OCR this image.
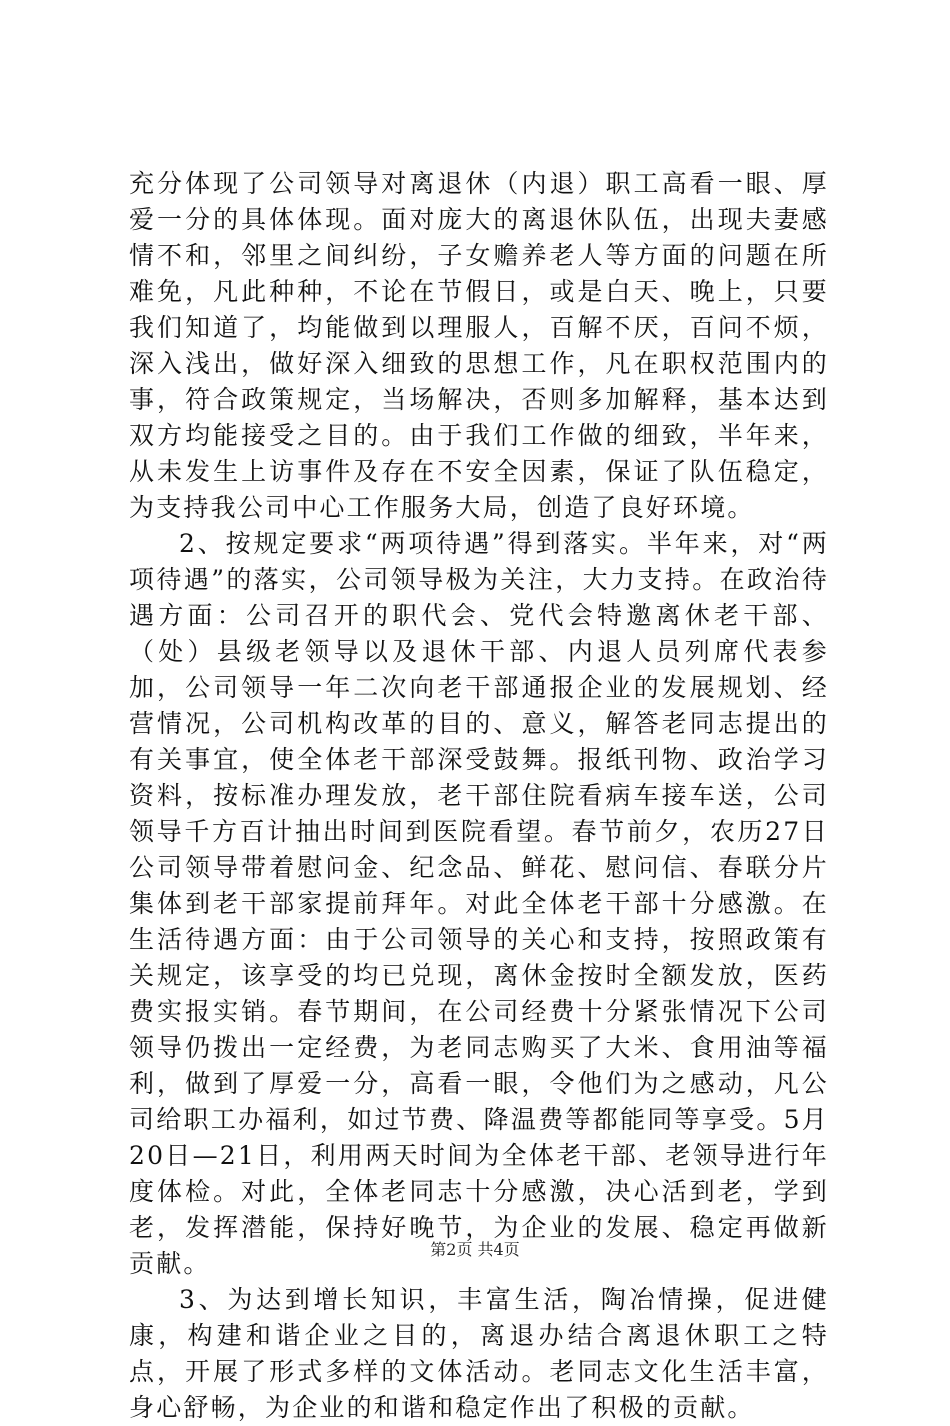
充分体现了公司领导对离退休（内退）职工高看一眼、厚爱一分的具体体现。面对庞大的离退休队伍，出现夫妻感情不和，邻里之间纠纷，子女赡养老人等方面的问题在所难免，凡此种种，不论在节假日，或是白天、晚上，只要我们知道了，均能做到以理服人，百解不厌，百问不烦，深入浅出，做好深入细致的思想工作，凡在职权范围内的事，符合政策规定，当场解决，否则多加解释，基本达到双方均能接受之目的。由于我们工作做的细致，半年来，从未发生上访事件及存在不安全因素，保证了队伍稳定，为支持我公司中心工作服务大局，创造了良好环境。

2、按规定要求“两项待遇”得到落实。半年来，对“两项待遇”的落实，公司领导极为关注，大力支持。在政治待遇方面：公司召开的职代会、党代会特邀离休老干部、（处）县级老领导以及退休干部、内退人员列席代表参加，公司领导一年二次向老干部通报企业的发展规划、经营情况，公司机构改革的目的、意义，解答老同志提出的有关事宜，使全体老干部深受鼓舞。报纸刊物、政治学习资料，按标准办理发放，老干部住院看病车接车送，公司领导千方百计抽出时间到医院看望。春节前夕，农历27日公司领导带着慰问金、纪念品、鲜花、慰问信、春联分片集体到老干部家提前拜年。对此全体老干部十分感激。在生活待遇方面：由于公司领导的关心和支持，按照政策有关规定，该享受的均已兑现，离休金按时全额发放，医药费实报实销。春节期间，在公司经费十分紧张情况下公司领导仍拨出一定经费，为老同志购买了大米、食用油等福利，做到了厚爱一分，高看一眼，令他们为之感动，凡公司给职工办福利，如过节费、降温费等都能同等享受。5月20日—21日，利用两天时间为全体老干部、老领导进行年度体检。对此，全体老同志十分感激，决心活到老，学到老，发挥潜能，保持好晚节，为企业的发展、稳定再做新贡献。

3、为达到增长知识，丰富生活，陶冶情操，促进健康，构建和谐企业之目的，离退办结合离退休职工之特点，开展了形式多样的文体活动。老同志文化生活丰富，身心舒畅，为企业的和谐和稳定作出了积极的贡献。

第2页 共4页
